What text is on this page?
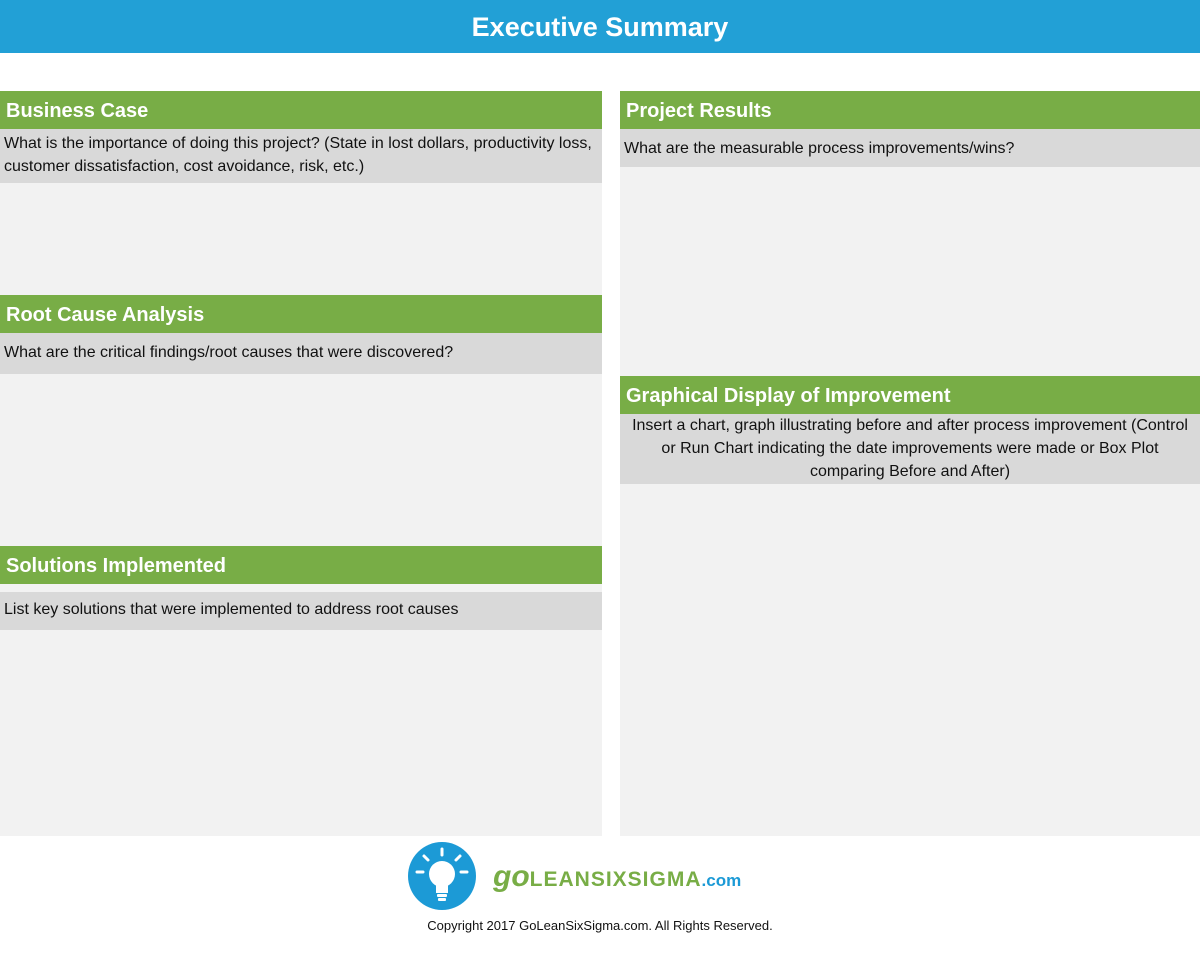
Executive Summary
Business Case
What is the importance of doing this project? (State in lost dollars, productivity loss, customer dissatisfaction, cost avoidance, risk, etc.)
Root Cause Analysis
What are the critical findings/root causes that were discovered?
Solutions Implemented
List key solutions that were implemented to address root causes
Project Results
What are the measurable process improvements/wins?
Graphical Display of Improvement
Insert a chart, graph illustrating before and after process improvement (Control or Run Chart indicating the date improvements were made or Box Plot comparing Before and After)
goLEANSIXSIGMA.com
Copyright 2017 GoLeanSixSigma.com. All Rights Reserved.
